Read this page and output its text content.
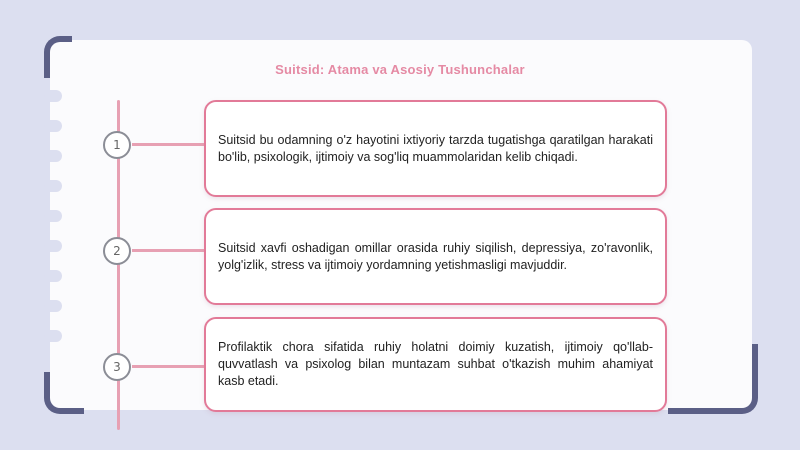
Suitsid: Atama va Asosiy Tushunchalar
1	Suitsid bu odamning o'z hayotini ixtiyoriy tarzda tugatishga qaratilgan harakati bo'lib, psixologik, ijtimoiy va sog'liq muammolaridan kelib chiqadi.

2	Suitsid xavfi oshadigan omillar orasida ruhiy siqilish, depressiya, zo'ravonlik, yolg'izlik, stress va ijtimoiy yordamning yetishmasligi mavjuddir.

3

Profilaktik chora sifatida ruhiy holatni doimiy kuzatish, ijtimoiy qo'llab-quvvatlash va psixolog bilan muntazam suhbat o'tkazish muhim ahamiyat kasb etadi.
